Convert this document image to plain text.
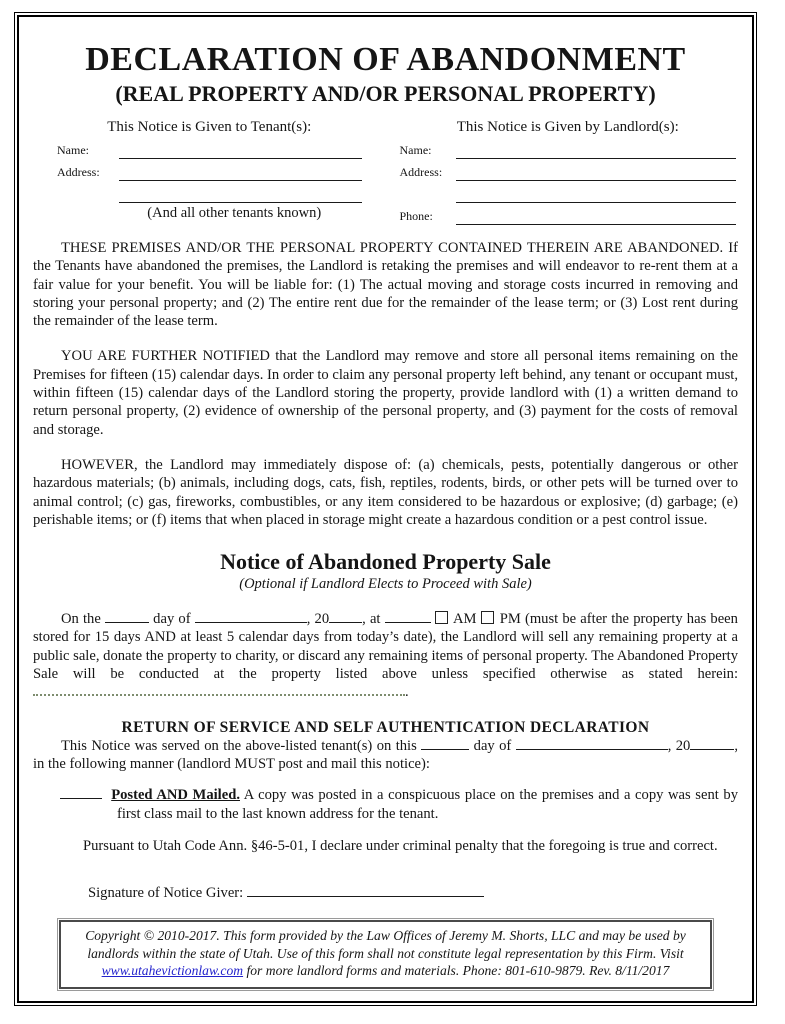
DECLARATION OF ABANDONMENT
(REAL PROPERTY AND/OR PERSONAL PROPERTY)
This Notice is Given to Tenant(s):
Name:
Address:
(And all other tenants known)
This Notice is Given by Landlord(s):
Name:
Address:
Phone:

THESE PREMISES AND/OR THE PERSONAL PROPERTY CONTAINED THEREIN ARE ABANDONED. If the Tenants have abandoned the premises, the Landlord is retaking the premises and will endeavor to re-rent them at a fair value for your benefit. You will be liable for: (1) The actual moving and storage costs incurred in removing and storing your personal property; and (2) The entire rent due for the remainder of the lease term; or (3) Lost rent during the remainder of the lease term.

YOU ARE FURTHER NOTIFIED that the Landlord may remove and store all personal items remaining on the Premises for fifteen (15) calendar days. In order to claim any personal property left behind, any tenant or occupant must, within fifteen (15) calendar days of the Landlord storing the property, provide landlord with (1) a written demand to return personal property, (2) evidence of ownership of the personal property, and (3) payment for the costs of removal and storage.

HOWEVER, the Landlord may immediately dispose of: (a) chemicals, pests, potentially dangerous or other hazardous materials; (b) animals, including dogs, cats, fish, reptiles, rodents, birds, or other pets will be turned over to animal control; (c) gas, fireworks, combustibles, or any item considered to be hazardous or explosive; (d) garbage; (e) perishable items; or (f) items that when placed in storage might create a hazardous condition or a pest control issue.

Notice of Abandoned Property Sale
(Optional if Landlord Elects to Proceed with Sale)

On the	day of	, 20 , at	AM PM (must be after the property has been stored for 15 days AND at least 5 calendar days from today’s date), the Landlord will sell any remaining property at a public sale, donate the property to charity, or discard any remaining items of personal property. The Abandoned Property Sale will be conducted at the property listed above unless specified otherwise as stated herein:.

RETURN OF SERVICE AND SELF AUTHENTICATION DECLARATION

This Notice was served on the above-listed tenant(s) on this	day of	, 20	, in the following manner (landlord MUST post and mail this notice):

Posted AND Mailed. A copy was posted in a conspicuous place on the premises and a copy was sent by first class mail to the last known address for the tenant.
Pursuant to Utah Code Ann. §46-5-01, I declare under criminal penalty that the foregoing is true and correct.
Signature of Notice Giver:
Copyright © 2010-2017. This form provided by the Law Offices of Jeremy M. Shorts, LLC and may be used by landlords within the state of Utah. Use of this form shall not constitute legal representation by this Firm. Visit www.utahevictionlaw.com for more landlord forms and materials. Phone: 801-610-9879. Rev. 8/11/2017
